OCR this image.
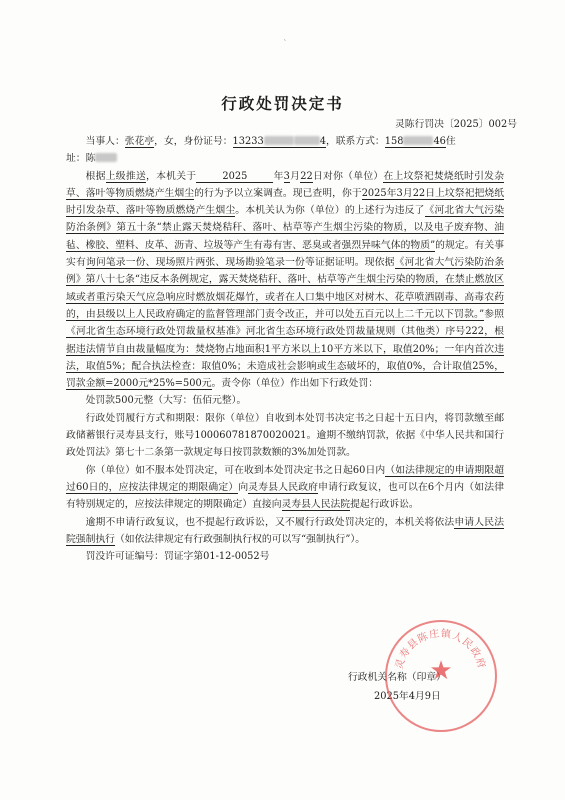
ˋ
行政处罚决定书
灵陈行罚决〔2025〕002号

当事人：张花亭，女，身份证号：13233	4，联系方式：158	46住

址：陈

根据上级推送，本机关于	2025	年3月22日对你（单位）在上坟祭祀焚烧纸时引发杂草、落叶等物质燃烧产生烟尘的行为予以立案调查。现已查明，你于2025年3月22日上坟祭祀把烧纸时引发杂草、落叶等物质燃烧产生烟尘。本机关认为你（单位）的上述行为违反了《河北省大气污染防治条例》第五十条“禁止露天焚烧秸秆、落叶、枯草等产生烟尘污染的物质，以及电子废弃物、油毡、橡胶、塑料、皮革、沥青、垃圾等产生有毒有害、恶臭或者强烈异味气体的物质”的规定。有关事实有询问笔录一份、现场照片两张、现场勘验笔录一份等证据证明。现依据《河北省大气污染防治条例》第八十七条“违反本条例规定，露天焚烧秸秆、落叶、枯草等产生烟尘污染的物质，在禁止燃放区域或者重污染天气应急响应时燃放烟花爆竹，或者在人口集中地区对树木、花草喷洒剧毒、高毒农药的，由县级以上人民政府确定的监督管理部门责令改正，并可以处五百元以上二千元以下罚款。”参照《河北省生态环境行政处罚裁量权基准》河北省生态环境行政处罚裁量规则（其他类）序号222，根据违法情节自由裁量幅度为：焚烧物占地面积1平方米以上10平方米以下，取值20%；一年内首次违法，取值5%；配合执法检查：取值0%；未造成社会影响或生态破坏的，取值0%，合计取值25%，罚款金额=2000元*25%=500元。责令你（单位）作出如下行政处罚：

处罚款500元整（大写：伍佰元整）。

行政处罚履行方式和期限：限你（单位）自收到本处罚书决定书之日起十五日内，将罚款缴至邮政储蓄银行灵寿县支行，账号100060781870020021。逾期不缴纳罚款，依据《中华人民共和国行政处罚法》第七十二条第一款规定每日按罚款数额的3%加处罚款。

你（单位）如不服本处罚决定，可在收到本处罚决定书之日起60日内（如法律规定的申请期限超过60日的，应按法律规定的期限确定）向灵寿县人民政府申请行政复议，也可以在6个月内（如法律有特别规定的，应按法律规定的期限确定）直接向灵寿县人民法院提起行政诉讼。

逾期不申请行政复议，也不提起行政诉讼，又不履行行政处罚决定的，本机关将依法申请人民法院强制执行（如依法律规定有行政强制执行权的可以写“强制执行”）。

罚没许可证编号：罚证字第01-12-0052号

行政机关名称（印章）
2025年4月9日
灵寿县陈庄镇人民政府
★
